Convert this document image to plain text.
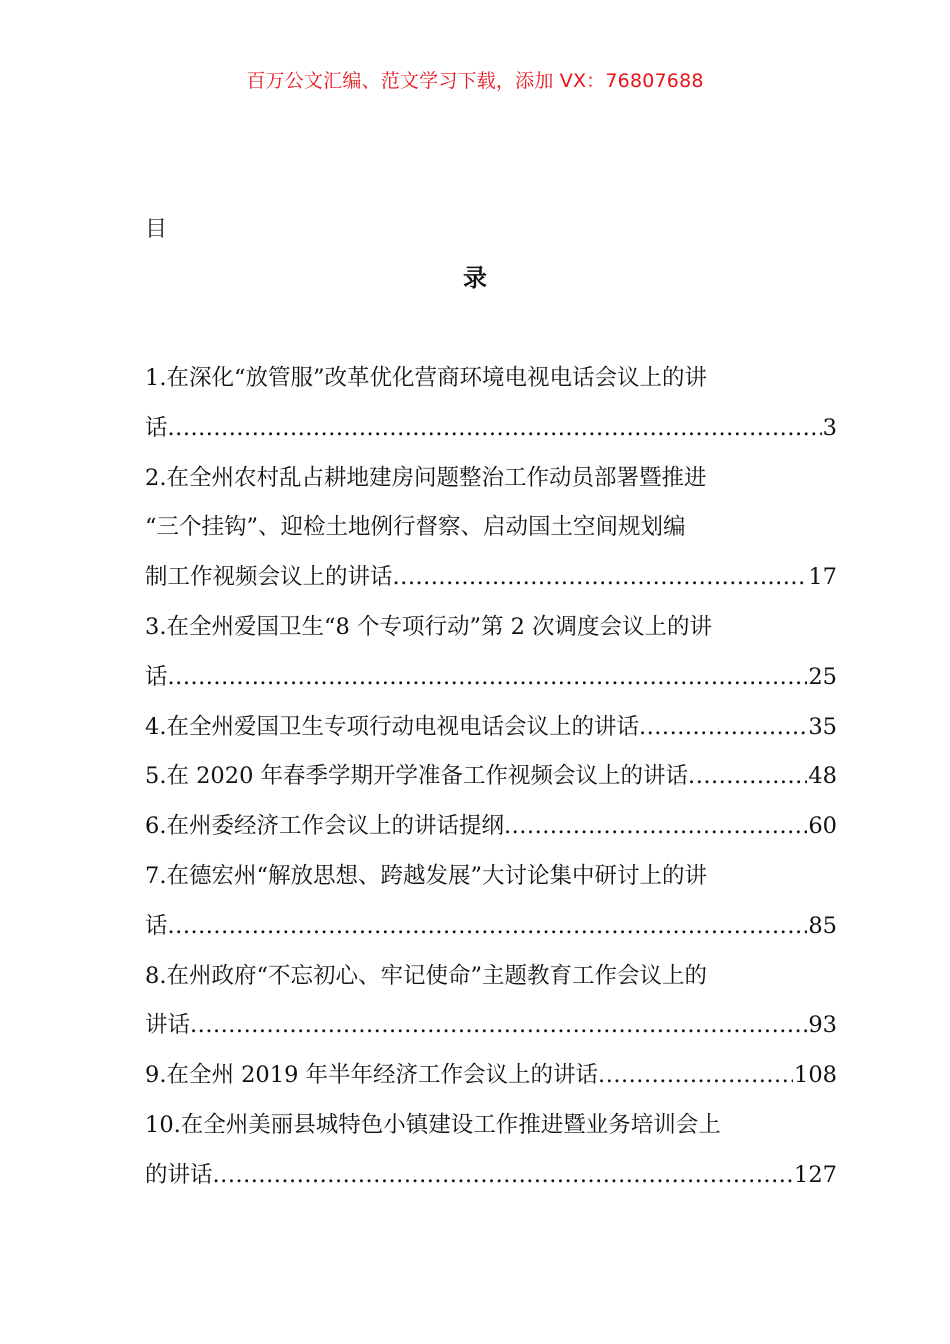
百万公文汇编、范文学习下载，添加 VX：76807688
目
录
1.在深化“放管服”改革优化营商环境电视电话会议上的讲
话 .....	3
2.在全州农村乱占耕地建房问题整治工作动员部署暨推进
“三个挂钩”、迎检土地例行督察、启动国土空间规划编
制工作视频会议上的讲话 .....	17
3.在全州爱国卫生“8 个专项行动”第 2 次调度会议上的讲
话 .....	25
4.在全州爱国卫生专项行动电视电话会议上的讲话 .....	35
5.在 2020 年春季学期开学准备工作视频会议上的讲话 .....	48
6.在州委经济工作会议上的讲话提纲 .....	60
7.在德宏州“解放思想、跨越发展”大讨论集中研讨上的讲
话 .....	85
8.在州政府“不忘初心、牢记使命”主题教育工作会议上的
讲话 .....	93
9.在全州 2019 年半年经济工作会议上的讲话 .....	108
10.在全州美丽县城特色小镇建设工作推进暨业务培训会上
的讲话 .....	127
